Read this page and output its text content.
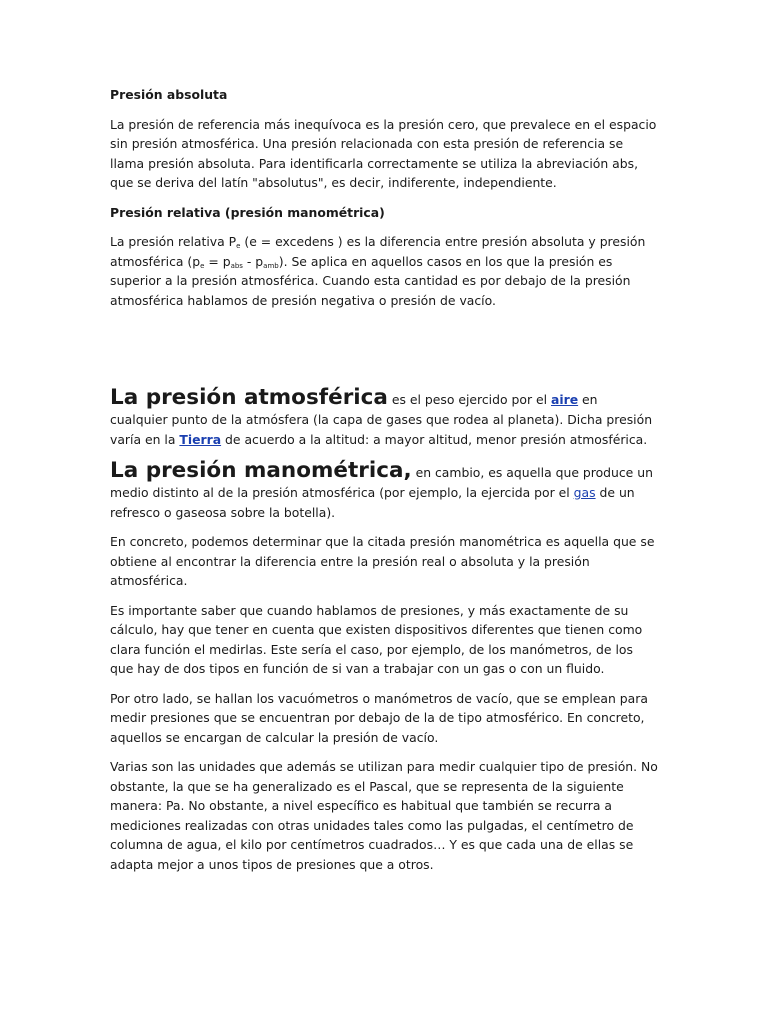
Presión absoluta

La presión de referencia más inequívoca es la presión cero, que prevalece en el espacio sin presión atmosférica. Una presión relacionada con esta presión de referencia se llama presión absoluta. Para identificarla correctamente se utiliza la abreviación abs, que se deriva del latín "absolutus", es decir, indiferente, independiente.

Presión relativa (presión manométrica)

La presión relativa $P_e$ (e = excedens ) es la diferencia entre presión absoluta y presión atmosférica $(p_e = p_{abs} - p_{amb})$. Se aplica en aquellos casos en los que la presión es superior a la presión atmosférica. Cuando esta cantidad es por debajo de la presión atmosférica hablamos de presión negativa o presión de vacío.

La presión atmosférica es el peso ejercido por el aire en cualquier punto de la atmósfera (la capa de gases que rodea al planeta). Dicha presión varía en la Tierra de acuerdo a la altitud: a mayor altitud, menor presión atmosférica.

La presión manométrica, en cambio, es aquella que produce un medio distinto al de la presión atmosférica (por ejemplo, la ejercida por el gas de un refresco o gaseosa sobre la botella).

En concreto, podemos determinar que la citada presión manométrica es aquella que se obtiene al encontrar la diferencia entre la presión real o absoluta y la presión atmosférica.

Es importante saber que cuando hablamos de presiones, y más exactamente de su cálculo, hay que tener en cuenta que existen dispositivos diferentes que tienen como clara función el medirlas. Este sería el caso, por ejemplo, de los manómetros, de los que hay de dos tipos en función de si van a trabajar con un gas o con un fluido.

Por otro lado, se hallan los vacuómetros o manómetros de vacío, que se emplean para medir presiones que se encuentran por debajo de la de tipo atmosférico. En concreto, aquellos se encargan de calcular la presión de vacío.

Varias son las unidades que además se utilizan para medir cualquier tipo de presión. No obstante, la que se ha generalizado es el Pascal, que se representa de la siguiente manera: Pa. No obstante, a nivel específico es habitual que también se recurra a mediciones realizadas con otras unidades tales como las pulgadas, el centímetro de columna de agua, el kilo por centímetros cuadrados… Y es que cada una de ellas se adapta mejor a unos tipos de presiones que a otros.
